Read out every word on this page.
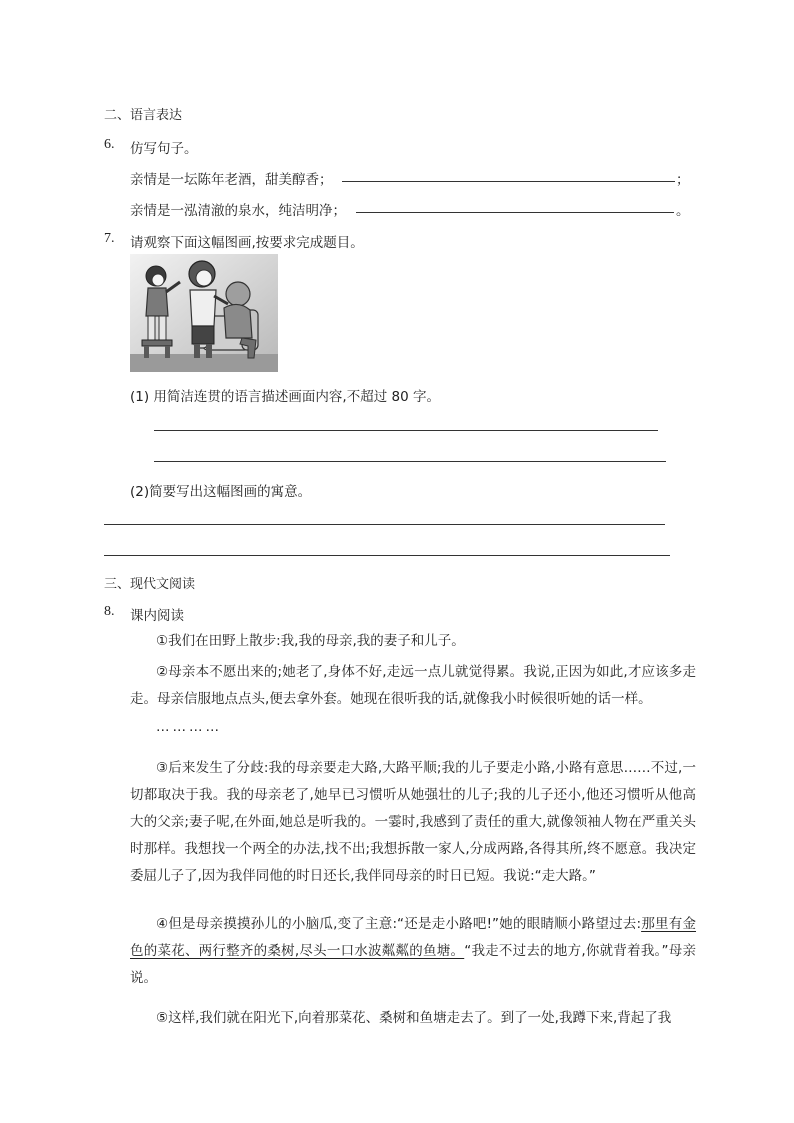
二、语言表达
6. 仿写句子。
亲情是一坛陈年老酒，甜美醇香；	；
亲情是一泓清澈的泉水，纯洁明净；	。
7. 请观察下面这幅图画,按要求完成题目。
(1) 用简洁连贯的语言描述画面内容,不超过 80 字。
(2)简要写出这幅图画的寓意。
三、现代文阅读
8. 课内阅读
①我们在田野上散步:我,我的母亲,我的妻子和儿子。
②母亲本不愿出来的;她老了,身体不好,走远一点儿就觉得累。我说,正因为如此,才应该多走走。母亲信服地点点头,便去拿外套。她现在很听我的话,就像我小时候很听她的话一样。
…………
③后来发生了分歧:我的母亲要走大路,大路平顺;我的儿子要走小路,小路有意思……不过,一切都取决于我。我的母亲老了,她早已习惯听从她强壮的儿子;我的儿子还小,他还习惯听从他高大的父亲;妻子呢,在外面,她总是听我的。一霎时,我感到了责任的重大,就像领袖人物在严重关头时那样。我想找一个两全的办法,找不出;我想拆散一家人,分成两路,各得其所,终不愿意。我决定委屈儿子了,因为我伴同他的时日还长,我伴同母亲的时日已短。我说:“走大路。”
④但是母亲摸摸孙儿的小脑瓜,变了主意:“还是走小路吧!”她的眼睛顺小路望过去:那里有金色的菜花、两行整齐的桑树,尽头一口水波粼粼的鱼塘。“我走不过去的地方,你就背着我。”母亲说。
⑤这样,我们就在阳光下,向着那菜花、桑树和鱼塘走去了。到了一处,我蹲下来,背起了我
